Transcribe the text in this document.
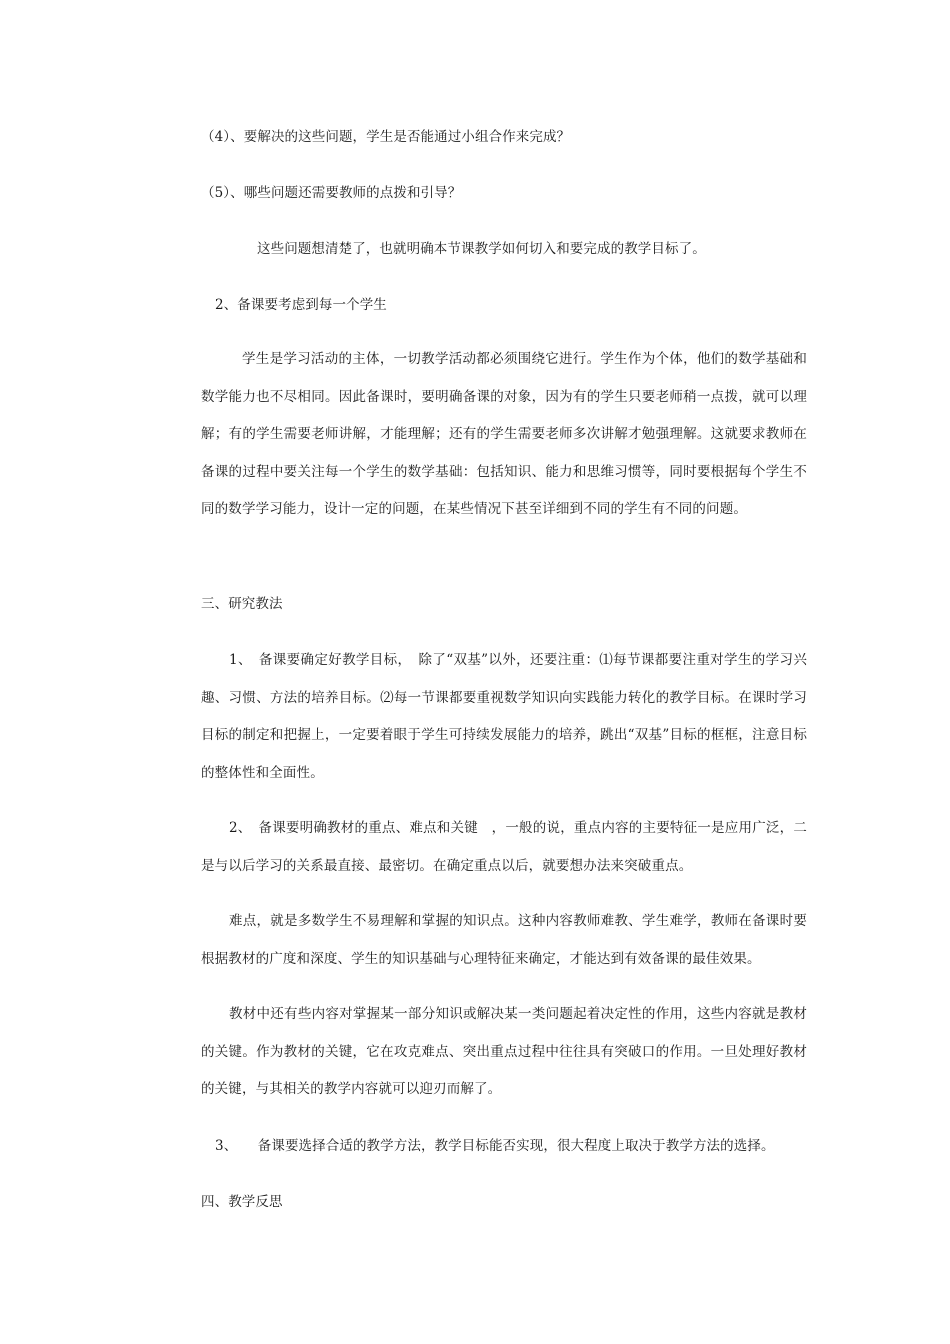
（4）、要解决的这些问题，学生是否能通过小组合作来完成？
（5）、哪些问题还需要教师的点拨和引导？
这些问题想清楚了，也就明确本节课教学如何切入和要完成的教学目标了。
2、备课要考虑到每一个学生

学生是学习活动的主体，一切教学活动都必须围绕它进行。学生作为个体，他们的数学基础和数学能力也不尽相同。因此备课时，要明确备课的对象，因为有的学生只要老师稍一点拨，就可以理解；有的学生需要老师讲解，才能理解；还有的学生需要老师多次讲解才勉强理解。这就要求教师在备课的过程中要关注每一个学生的数学基础：包括知识、能力和思维习惯等，同时要根据每个学生不同的数学学习能力，设计一定的问题，在某些情况下甚至详细到不同的学生有不同的问题。

三、研究教法

1、　备课要确定好教学目标，　除了“双基”以外，还要注重：⑴每节课都要注重对学生的学习兴趣、习惯、方法的培养目标。⑵每一节课都要重视数学知识向实践能力转化的教学目标。在课时学习目标的制定和把握上，一定要着眼于学生可持续发展能力的培养，跳出“双基”目标的框框，注意目标的整体性和全面性。

2、　备课要明确教材的重点、难点和关键　，一般的说，重点内容的主要特征一是应用广泛，二是与以后学习的关系最直接、最密切。在确定重点以后，就要想办法来突破重点。

难点，就是多数学生不易理解和掌握的知识点。这种内容教师难教、学生难学，教师在备课时要根据教材的广度和深度、学生的知识基础与心理特征来确定，才能达到有效备课的最佳效果。

教材中还有些内容对掌握某一部分知识或解决某一类问题起着决定性的作用，这些内容就是教材的关键。作为教材的关键，它在攻克难点、突出重点过程中往往具有突破口的作用。一旦处理好教材的关键，与其相关的教学内容就可以迎刃而解了。

3、　　备课要选择合适的教学方法，教学目标能否实现，很大程度上取决于教学方法的选择。
四、教学反思
